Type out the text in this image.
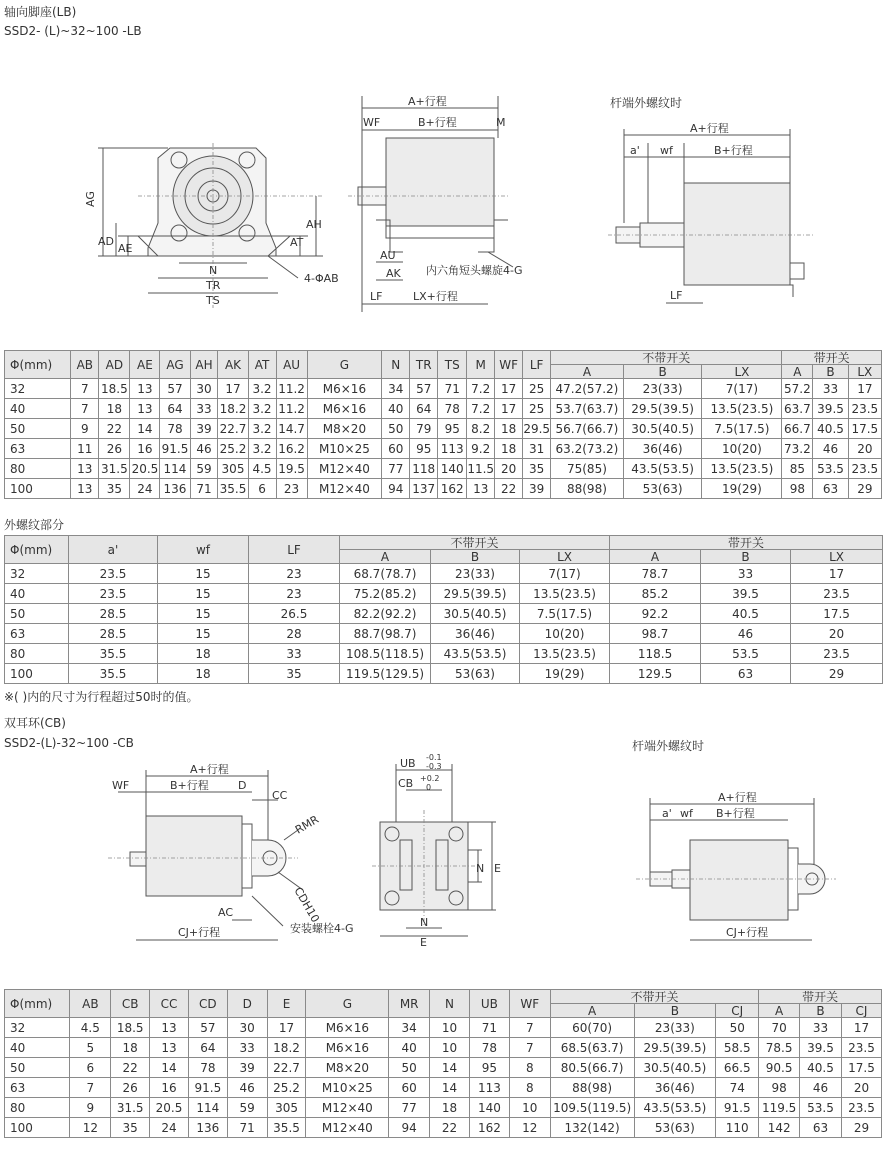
轴向脚座(LB)
SSD2- (L)~32~100 -LB
AG
AD
AE	AT
AH
N
TR
TS
4-ΦAB
A+行程
WF	B+行程	M
AU
AK 内六角短头螺旋4-G
LF	LX+行程
杆端外螺纹时
A+行程
a' wf	B+行程
LF
Φ(mm)	AB	AD	AE	AG	AH	AK	AT	AU	G	N	TR	TS	M	WF	LF	不带开关			带开关		
																A	B	LX	A	B	LX
32	7	18.5	13	57	30	17	3.2	11.2	M6×16	34	57	71	7.2	17	25	47.2(57.2)	23(33)	7(17)	57.2	33	17
40	7	18	13	64	33	18.2	3.2	11.2	M6×16	40	64	78	7.2	17	25	53.7(63.7)	29.5(39.5)	13.5(23.5)	63.7	39.5	23.5
50	9	22	14	78	39	22.7	3.2	14.7	M8×20	50	79	95	8.2	18	29.5	56.7(66.7)	30.5(40.5)	7.5(17.5)	66.7	40.5	17.5
63	11	26	16	91.5	46	25.2	3.2	16.2	M10×25	60	95	113	9.2	18	31	63.2(73.2)	36(46)	10(20)	73.2	46	20
80	13	31.5	20.5	114	59	305	4.5	19.5	M12×40	77	118	140	11.5	20	35	75(85)	43.5(53.5)	13.5(23.5)	85	53.5	23.5
100	13	35	24	136	71	35.5	6	23	M12×40	94	137	162	13	22	39	88(98)	53(63)	19(29)	98	63	29
外螺纹部分
Φ(mm)	a'	wf	LF	不带开关			带开关		
				A	B	LX	A	B	LX
32	23.5	15	23	68.7(78.7)	23(33)	7(17)	78.7	33	17
40	23.5	15	23	75.2(85.2)	29.5(39.5)	13.5(23.5)	85.2	39.5	23.5
50	28.5	15	26.5	82.2(92.2)	30.5(40.5)	7.5(17.5)	92.2	40.5	17.5
63	28.5	15	28	88.7(98.7)	36(46)	10(20)	98.7	46	20
80	35.5	18	33	108.5(118.5)	43.5(53.5)	13.5(23.5)	118.5	53.5	23.5
100	35.5	18	35	119.5(129.5)	53(63)	19(29)	129.5	63	29
※( )内的尺寸为行程超过50时的值。
双耳环(CB)
SSD2-(L)-32~100 -CB
WF
A+行程
B+行程	D
CC
RMR
CDH10
AC
CJ+行程	安装螺栓4-G
UB -0.1
-0.3
CB +0.2
0
N E
N
E
杆端外螺纹时
A+行程
a' wf B+行程
CJ+行程
Φ(mm)	AB	CB	CC	CD	D	E	G	MR	N	UB	WF	不带开关			带开关		
												A	B	CJ	A	B	CJ
32	4.5	18.5	13	57	30	17	M6×16	34	10	71	7	60(70)	23(33)	50	70	33	17
40	5	18	13	64	33	18.2	M6×16	40	10	78	7	68.5(63.7)	29.5(39.5)	58.5	78.5	39.5	23.5
50	6	22	14	78	39	22.7	M8×20	50	14	95	8	80.5(66.7)	30.5(40.5)	66.5	90.5	40.5	17.5
63	7	26	16	91.5	46	25.2	M10×25	60	14	113	8	88(98)	36(46)	74	98	46	20
80	9	31.5	20.5	114	59	305	M12×40	77	18	140	10	109.5(119.5)	43.5(53.5)	91.5	119.5	53.5	23.5
100	12	35	24	136	71	35.5	M12×40	94	22	162	12	132(142)	53(63)	110	142	63	29
